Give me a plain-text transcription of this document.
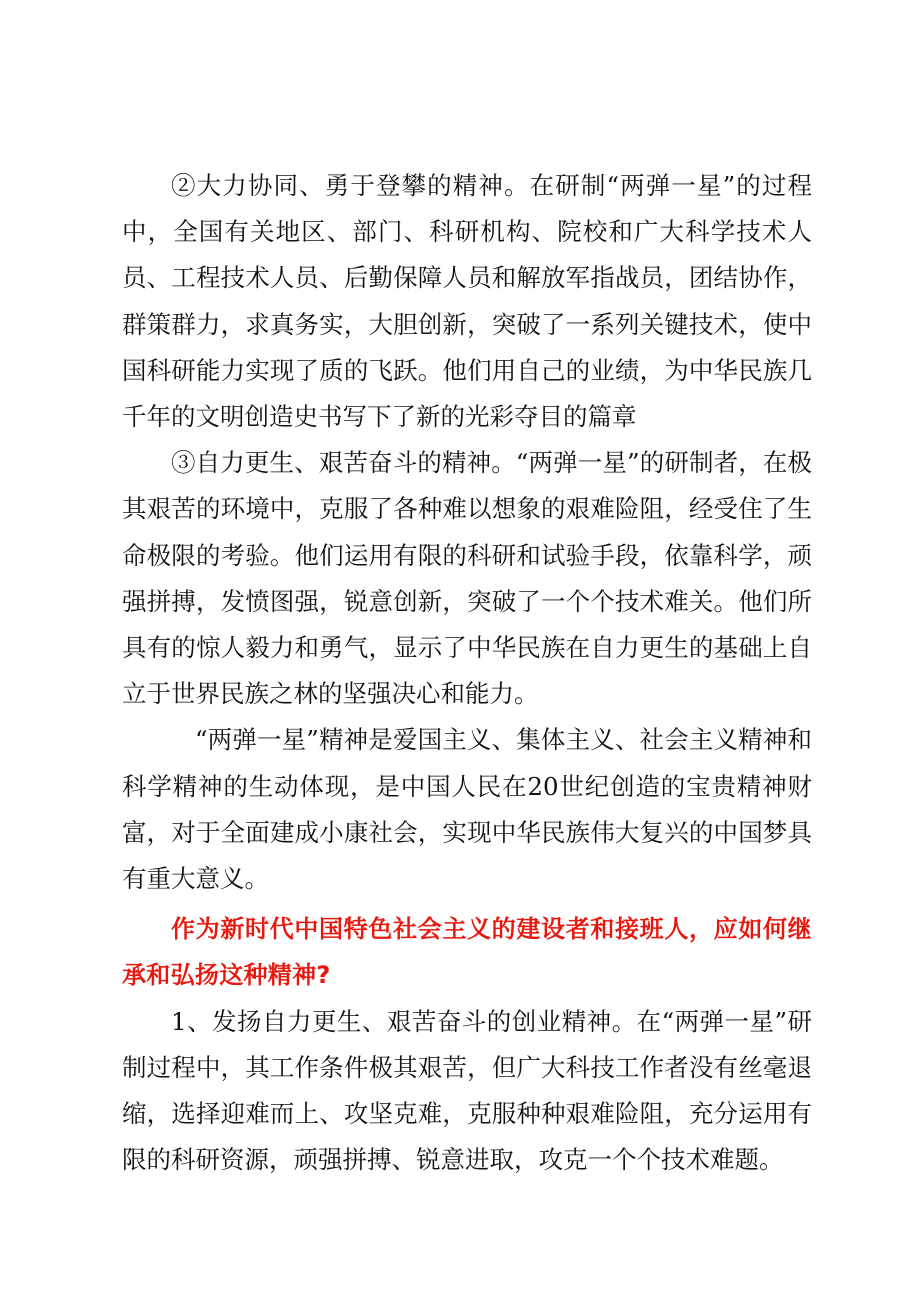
②大力协同、勇于登攀的精神。在研制“两弹一星”的过程中，全国有关地区、部门、科研机构、院校和广大科学技术人员、工程技术人员、后勤保障人员和解放军指战员，团结协作，群策群力，求真务实，大胆创新，突破了一系列关键技术，使中国科研能力实现了质的飞跃。他们用自己的业绩，为中华民族几千年的文明创造史书写下了新的光彩夺目的篇章

③自力更生、艰苦奋斗的精神。“两弹一星”的研制者，在极其艰苦的环境中，克服了各种难以想象的艰难险阻，经受住了生命极限的考验。他们运用有限的科研和试验手段，依靠科学，顽强拼搏，发愤图强，锐意创新，突破了一个个技术难关。他们所具有的惊人毅力和勇气，显示了中华民族在自力更生的基础上自立于世界民族之林的坚强决心和能力。

“两弹一星”精神是爱国主义、集体主义、社会主义精神和科学精神的生动体现，是中国人民在20世纪创造的宝贵精神财富，对于全面建成小康社会，实现中华民族伟大复兴的中国梦具有重大意义。

作为新时代中国特色社会主义的建设者和接班人，应如何继承和弘扬这种精神?

1、发扬自力更生、艰苦奋斗的创业精神。在“两弹一星”研制过程中，其工作条件极其艰苦，但广大科技工作者没有丝毫退缩，选择迎难而上、攻坚克难，克服种种艰难险阻，充分运用有限的科研资源，顽强拼搏、锐意进取，攻克一个个技术难题。
